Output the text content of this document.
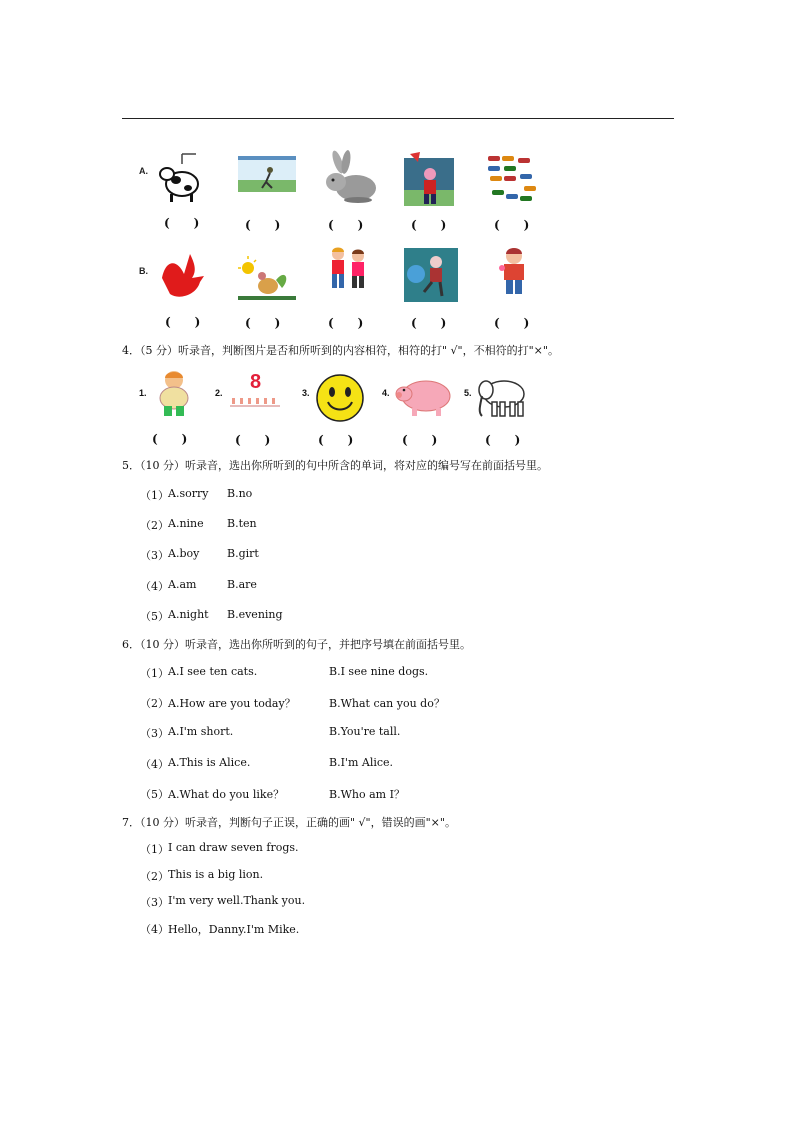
A.
(　　)	(　　)	(　　)	(　　)	(　　)
B.
(　　)	(　　)	(　　)	(　　)	(　　)
4．（5 分）听录音，判断图片是否和所听到的内容相符，相符的打" √"，不相符的打"×"。
1.	2. 8	3.	4.	5.
(　　)	(　　)	(　　)	(　　)	(　　)
5．（10 分）听录音，选出你所听到的句中所含的单词，将对应的编号写在前面括号里。
（1） A.sorry B.no
（2） A.nine B.ten
（3） A.boy	B.girt
（4） A.am	B.are
（5） A.night B.evening
6．（10 分）听录音，选出你所听到的句子，并把序号填在前面括号里。
（1） A.I see ten cats.	B.I see nine dogs.
（2） A.How are you today？	B.What can you do？
（3） A.I'm short.	B.You're tall.
（4） A.This is Alice.	B.I'm Alice.
（5） A.What do you like？	B.Who am I？
7．（10 分）听录音，判断句子正误，正确的画" √"，错误的画"×"。
（1） I can draw seven frogs.
（2） This is a big lion.
（3） I'm very well.Thank you.
（4） Hello，Danny.I'm Mike.
